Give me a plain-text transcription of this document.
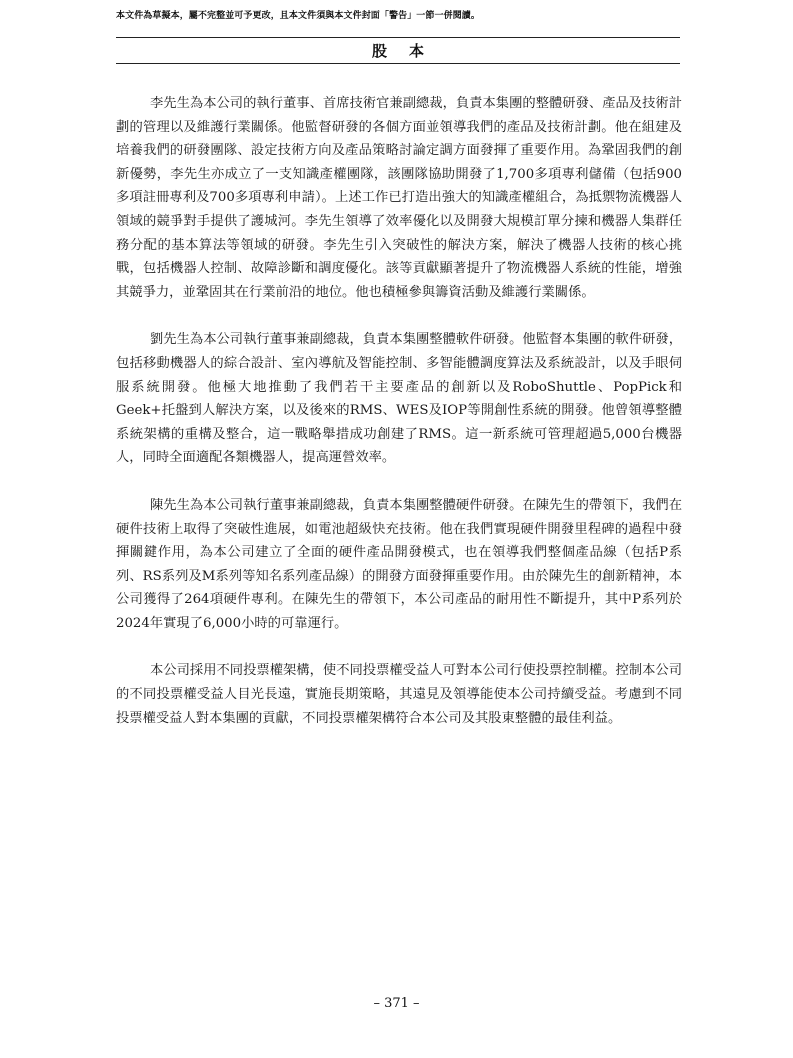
本文件為草擬本，屬不完整並可予更改，且本文件須與本文件封面「警告」一節一併閱讀。
股本

李先生為本公司的執行董事、首席技術官兼副總裁，負責本集團的整體研發、產品及技術計劃的管理以及維護行業關係。他監督研發的各個方面並領導我們的產品及技術計劃。他在組建及培養我們的研發團隊、設定技術方向及產品策略討論定調方面發揮了重要作用。為鞏固我們的創新優勢，李先生亦成立了一支知識產權團隊，該團隊協助開發了1,700多項專利儲備（包括900多項註冊專利及700多項專利申請）。上述工作已打造出強大的知識產權組合，為抵禦物流機器人領域的競爭對手提供了護城河。李先生領導了效率優化以及開發大規模訂單分揀和機器人集群任務分配的基本算法等領域的研發。李先生引入突破性的解決方案，解決了機器人技術的核心挑戰，包括機器人控制、故障診斷和調度優化。該等貢獻顯著提升了物流機器人系統的性能，增強其競爭力，並鞏固其在行業前沿的地位。他也積極參與籌資活動及維護行業關係。

劉先生為本公司執行董事兼副總裁，負責本集團整體軟件研發。他監督本集團的軟件研發，包括移動機器人的綜合設計、室內導航及智能控制、多智能體調度算法及系統設計，以及手眼伺服系統開發。他極大地推動了我們若干主要產品的創新以及RoboShuttle、PopPick和Geek+托盤到人解決方案，以及後來的RMS、WES及IOP等開創性系統的開發。他曾領導整體系統架構的重構及整合，這一戰略舉措成功創建了RMS。這一新系統可管理超過5,000台機器人，同時全面適配各類機器人，提高運營效率。

陳先生為本公司執行董事兼副總裁，負責本集團整體硬件研發。在陳先生的帶領下，我們在硬件技術上取得了突破性進展，如電池超級快充技術。他在我們實現硬件開發里程碑的過程中發揮關鍵作用，為本公司建立了全面的硬件產品開發模式，也在領導我們整個產品線（包括P系列、RS系列及M系列等知名系列產品線）的開發方面發揮重要作用。由於陳先生的創新精神，本公司獲得了264項硬件專利。在陳先生的帶領下，本公司產品的耐用性不斷提升，其中P系列於2024年實現了6,000小時的可靠運行。

本公司採用不同投票權架構，使不同投票權受益人可對本公司行使投票控制權。控制本公司的不同投票權受益人目光長遠，實施長期策略，其遠見及領導能使本公司持續受益。考慮到不同投票權受益人對本集團的貢獻，不同投票權架構符合本公司及其股東整體的最佳利益。

– 371 –
